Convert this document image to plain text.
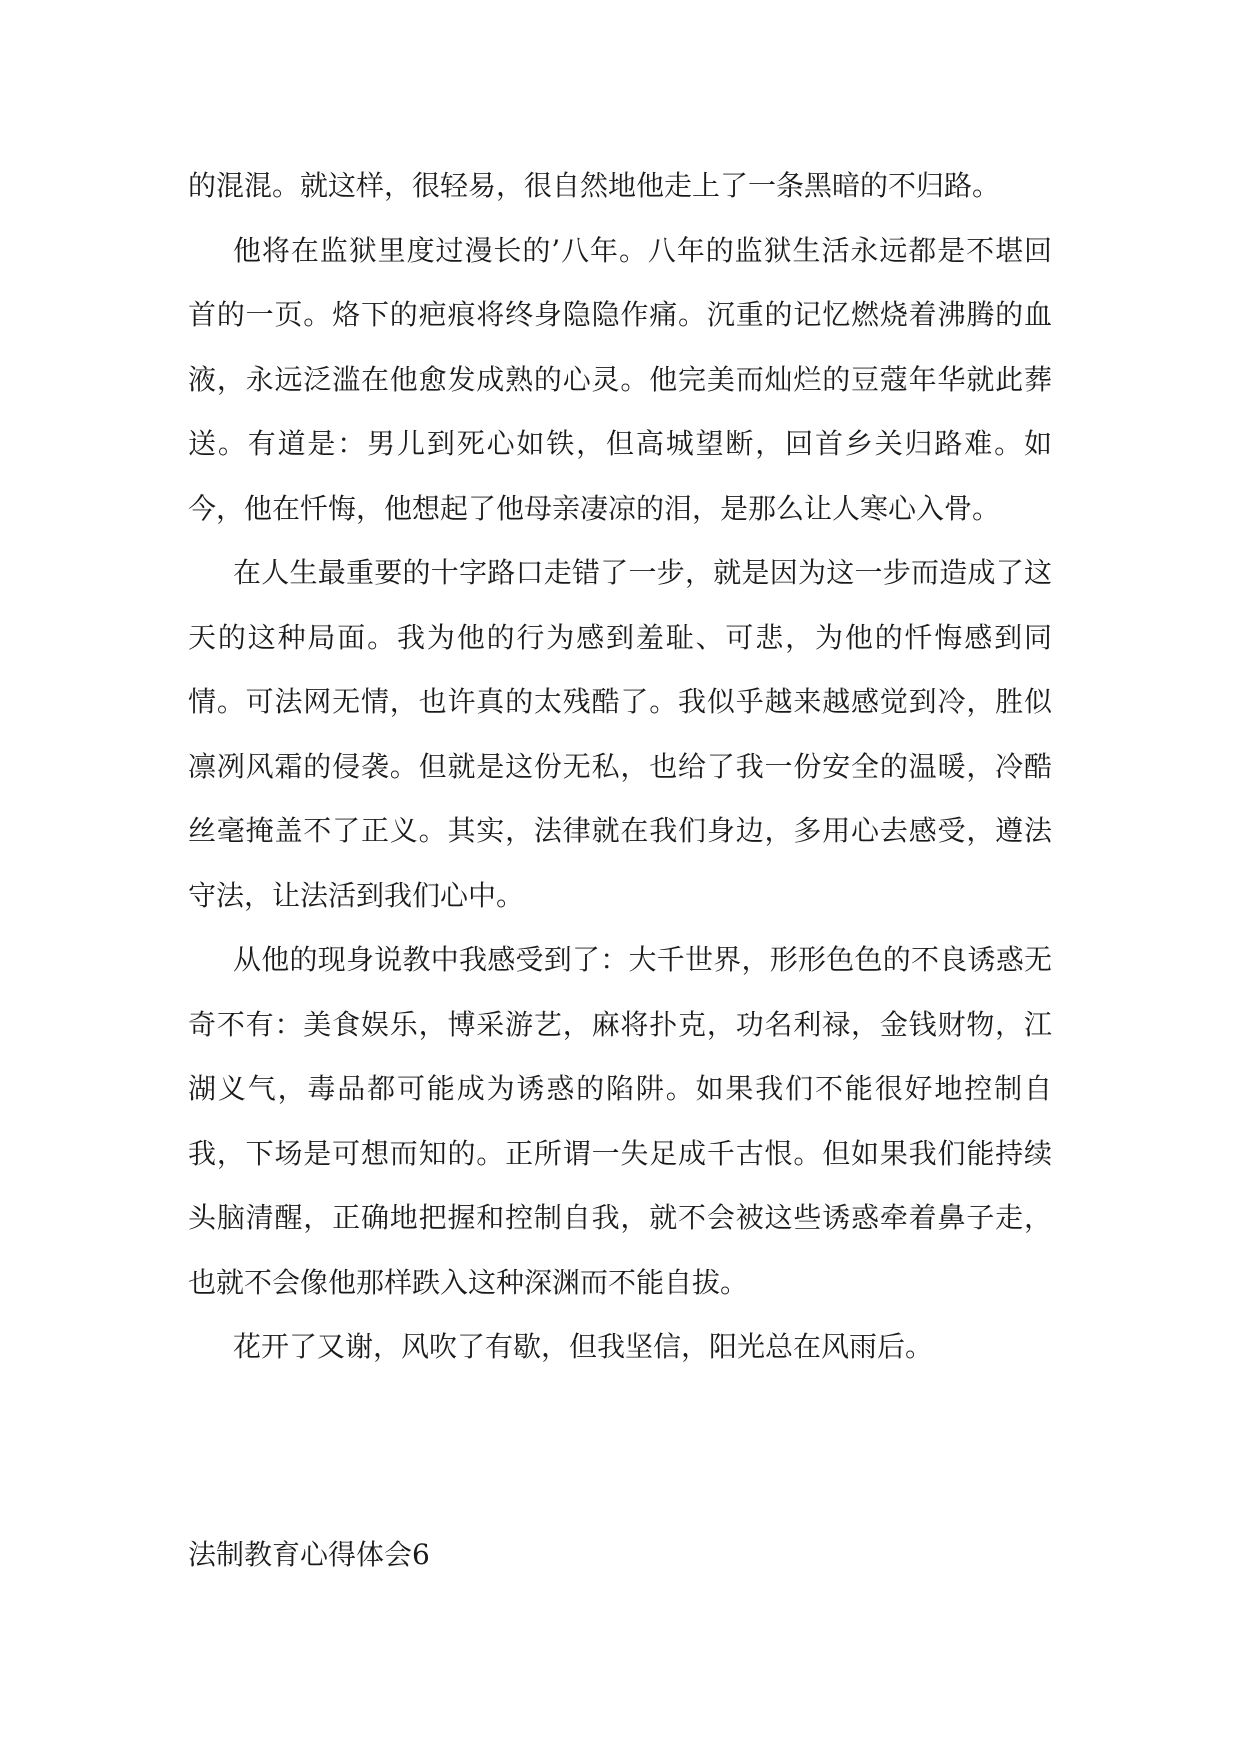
的混混。就这样，很轻易，很自然地他走上了一条黑暗的不归路。

他将在监狱里度过漫长的’八年。八年的监狱生活永远都是不堪回首的一页。烙下的疤痕将终身隐隐作痛。沉重的记忆燃烧着沸腾的血液，永远泛滥在他愈发成熟的心灵。他完美而灿烂的豆蔻年华就此葬送。有道是：男儿到死心如铁，但高城望断，回首乡关归路难。如今，他在忏悔，他想起了他母亲凄凉的泪，是那么让人寒心入骨。

在人生最重要的十字路口走错了一步，就是因为这一步而造成了这天的这种局面。我为他的行为感到羞耻、可悲，为他的忏悔感到同情。可法网无情，也许真的太残酷了。我似乎越来越感觉到冷，胜似凛冽风霜的侵袭。但就是这份无私，也给了我一份安全的温暖，冷酷丝毫掩盖不了正义。其实，法律就在我们身边，多用心去感受，遵法守法，让法活到我们心中。

从他的现身说教中我感受到了：大千世界，形形色色的不良诱惑无奇不有：美食娱乐，博采游艺，麻将扑克，功名利禄，金钱财物，江湖义气，毒品都可能成为诱惑的陷阱。如果我们不能很好地控制自我，下场是可想而知的。正所谓一失足成千古恨。但如果我们能持续头脑清醒，正确地把握和控制自我，就不会被这些诱惑牵着鼻子走，也就不会像他那样跌入这种深渊而不能自拔。

花开了又谢，风吹了有歇，但我坚信，阳光总在风雨后。

法制教育心得体会6
